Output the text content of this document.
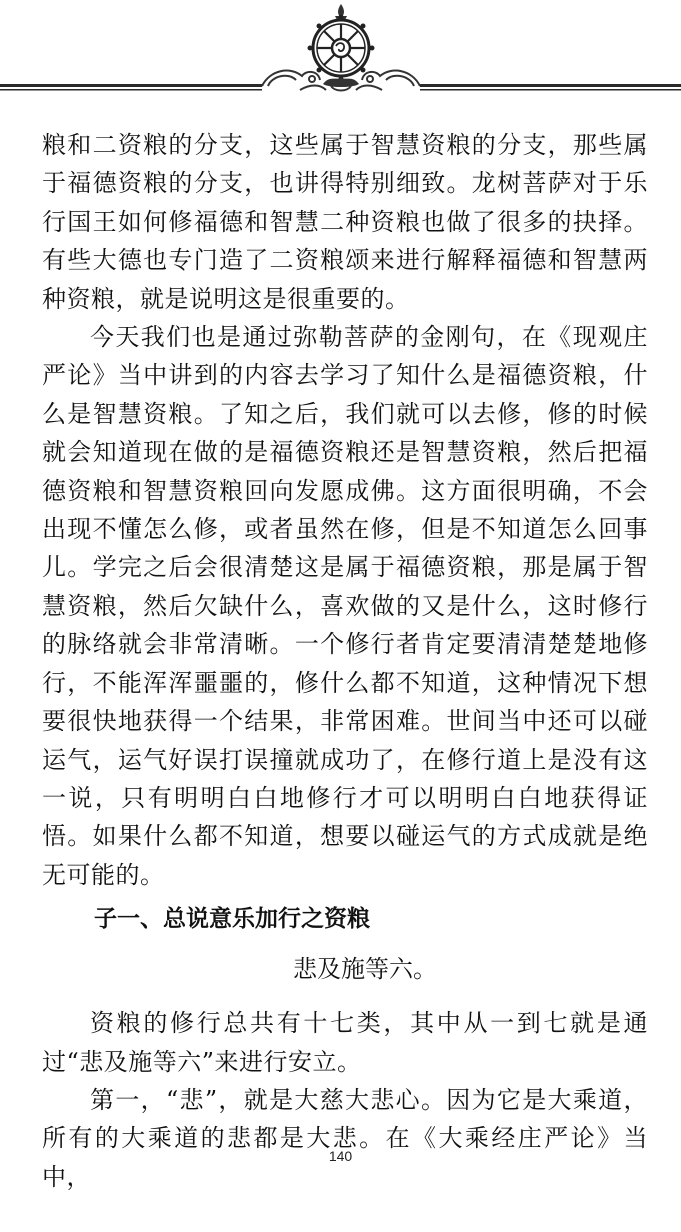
粮和二资粮的分支，这些属于智慧资粮的分支，那些属于福德资粮的分支，也讲得特别细致。龙树菩萨对于乐行国王如何修福德和智慧二种资粮也做了很多的抉择。有些大德也专门造了二资粮颂来进行解释福德和智慧两种资粮，就是说明这是很重要的。

今天我们也是通过弥勒菩萨的金刚句，在《现观庄严论》当中讲到的内容去学习了知什么是福德资粮，什么是智慧资粮。了知之后，我们就可以去修，修的时候就会知道现在做的是福德资粮还是智慧资粮，然后把福德资粮和智慧资粮回向发愿成佛。这方面很明确，不会出现不懂怎么修，或者虽然在修，但是不知道怎么回事儿。学完之后会很清楚这是属于福德资粮，那是属于智慧资粮，然后欠缺什么，喜欢做的又是什么，这时修行的脉络就会非常清晰。一个修行者肯定要清清楚楚地修行，不能浑浑噩噩的，修什么都不知道，这种情况下想要很快地获得一个结果，非常困难。世间当中还可以碰运气，运气好误打误撞就成功了，在修行道上是没有这一说，只有明明白白地修行才可以明明白白地获得证悟。如果什么都不知道，想要以碰运气的方式成就是绝无可能的。

子一、总说意乐加行之资粮

悲及施等六。

资粮的修行总共有十七类，其中从一到七就是通过“悲及施等六”来进行安立。

第一，“悲”，就是大慈大悲心。因为它是大乘道，所有的大乘道的悲都是大悲。在《大乘经庄严论》当中，

140
